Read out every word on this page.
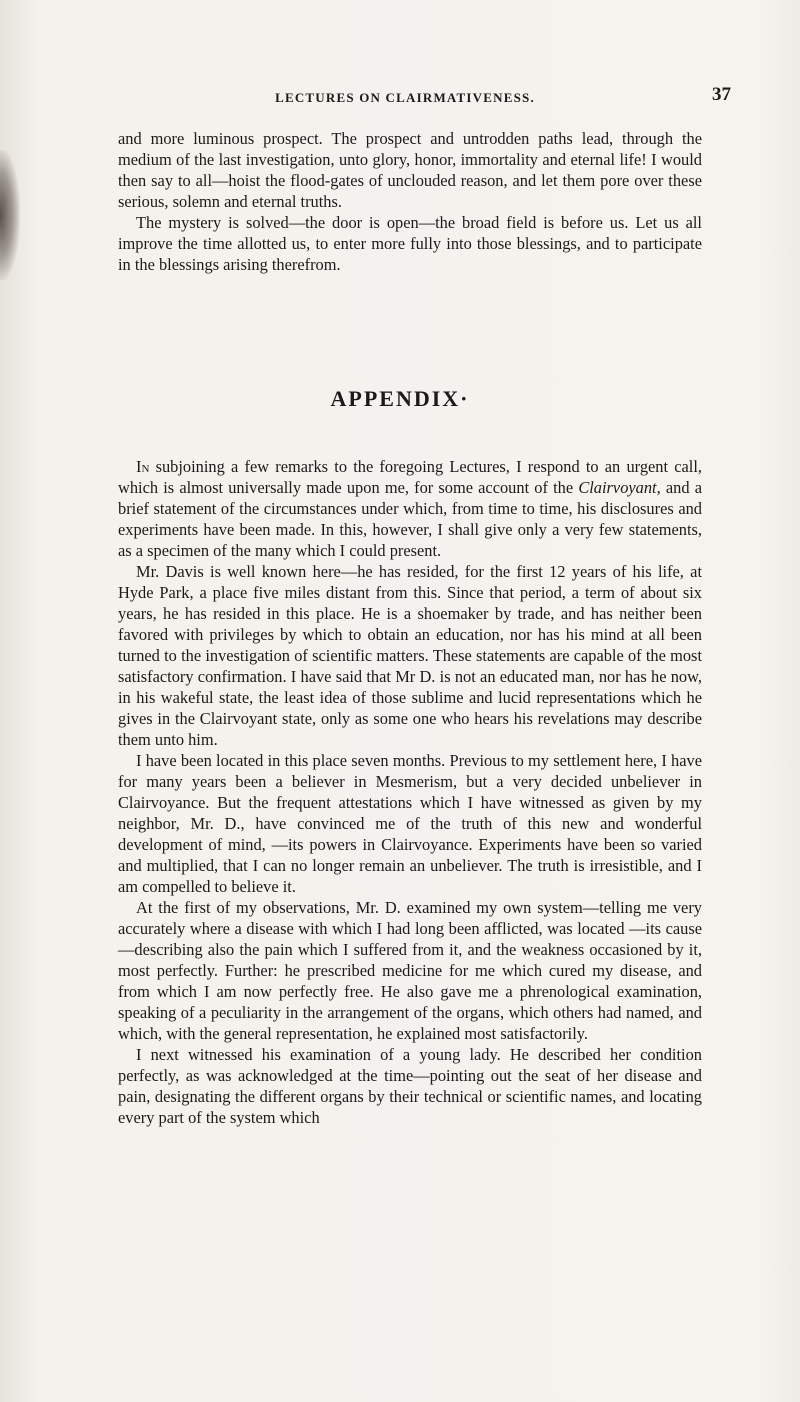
LECTURES ON CLAIRMATIVENESS.	37

and more luminous prospect. The prospect and untrodden paths lead, through the medium of the last investigation, unto glory, honor, immortality and eternal life! I would then say to all—hoist the flood-gates of unclouded reason, and let them pore over these serious, solemn and eternal truths.

The mystery is solved—the door is open—the broad field is before us. Let us all improve the time allotted us, to enter more fully into those blessings, and to participate in the blessings arising therefrom.

APPENDIX·

In subjoining a few remarks to the foregoing Lectures, I respond to an urgent call, which is almost universally made upon me, for some account of the Clairvoyant, and a brief statement of the circumstances under which, from time to time, his disclosures and experiments have been made. In this, however, I shall give only a very few statements, as a specimen of the many which I could present.

Mr. Davis is well known here—he has resided, for the first 12 years of his life, at Hyde Park, a place five miles distant from this. Since that period, a term of about six years, he has resided in this place. He is a shoemaker by trade, and has neither been favored with privileges by which to obtain an education, nor has his mind at all been turned to the investigation of scientific matters. These statements are capable of the most satisfactory confirmation. I have said that Mr D. is not an educated man, nor has he now, in his wakeful state, the least idea of those sublime and lucid representations which he gives in the Clairvoyant state, only as some one who hears his revelations may describe them unto him.

I have been located in this place seven months. Previous to my settlement here, I have for many years been a believer in Mesmerism, but a very decided unbeliever in Clairvoyance. But the frequent attestations which I have witnessed as given by my neighbor, Mr. D., have convinced me of the truth of this new and wonderful development of mind, —its powers in Clairvoyance. Experiments have been so varied and multiplied, that I can no longer remain an unbeliever. The truth is irresistible, and I am compelled to believe it.

At the first of my observations, Mr. D. examined my own system—telling me very accurately where a disease with which I had long been afflicted, was located —its cause—describing also the pain which I suffered from it, and the weakness occasioned by it, most perfectly. Further: he prescribed medicine for me which cured my disease, and from which I am now perfectly free. He also gave me a phrenological examination, speaking of a peculiarity in the arrangement of the organs, which others had named, and which, with the general representation, he explained most satisfactorily.

I next witnessed his examination of a young lady. He described her condition perfectly, as was acknowledged at the time—pointing out the seat of her disease and pain, designating the different organs by their technical or scientific names, and locating every part of the system which
